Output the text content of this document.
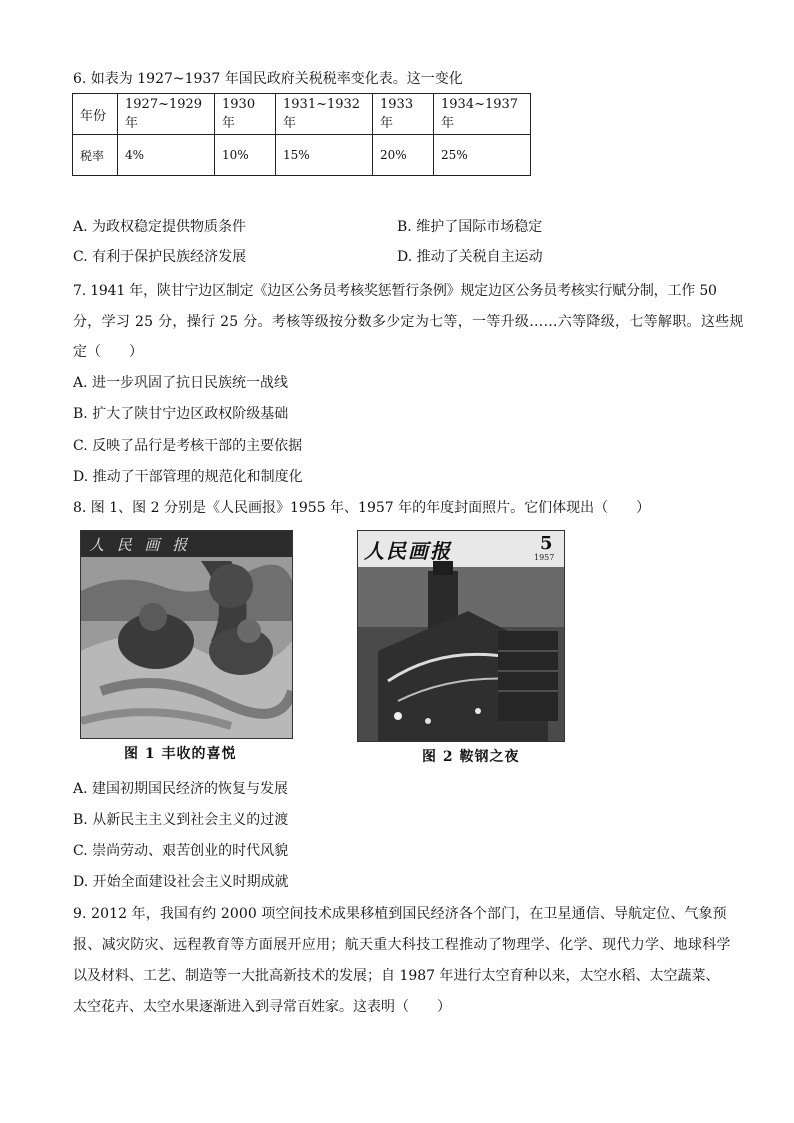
6. 如表为 1927~1937 年国民政府关税税率变化表。这一变化
年份	1927~1929 年	1930 年	1931~1932 年	1933 年	1934~1937 年
税率	4%	10%	15%	20%	25%
A. 为政权稳定提供物质条件	B. 维护了国际市场稳定
C. 有利于保护民族经济发展	D. 推动了关税自主运动
7. 1941 年，陕甘宁边区制定《边区公务员考核奖惩暂行条例》规定边区公务员考核实行赋分制，工作 50
分，学习 25 分，操行 25 分。考核等级按分数多少定为七等，一等升级……六等降级，七等解职。这些规
定（　　）
A. 进一步巩固了抗日民族统一战线
B. 扩大了陕甘宁边区政权阶级基础
C. 反映了品行是考核干部的主要依据
D. 推动了干部管理的规范化和制度化
8. 图 1、图 2 分别是《人民画报》1955 年、1957 年的年度封面照片。它们体现出（　　）
人 民 画 报
图 1 丰收的喜悦
人民画报	5
1957
图 2 鞍钢之夜
A. 建国初期国民经济的恢复与发展
B. 从新民主主义到社会主义的过渡
C. 崇尚劳动、艰苦创业的时代风貌
D. 开始全面建设社会主义时期成就
9. 2012 年，我国有约 2000 项空间技术成果移植到国民经济各个部门，在卫星通信、导航定位、气象预
报、减灾防灾、远程教育等方面展开应用；航天重大科技工程推动了物理学、化学、现代力学、地球科学
以及材料、工艺、制造等一大批高新技术的发展；自 1987 年进行太空育种以来，太空水稻、太空蔬菜、
太空花卉、太空水果逐渐进入到寻常百姓家。这表明（　　）
